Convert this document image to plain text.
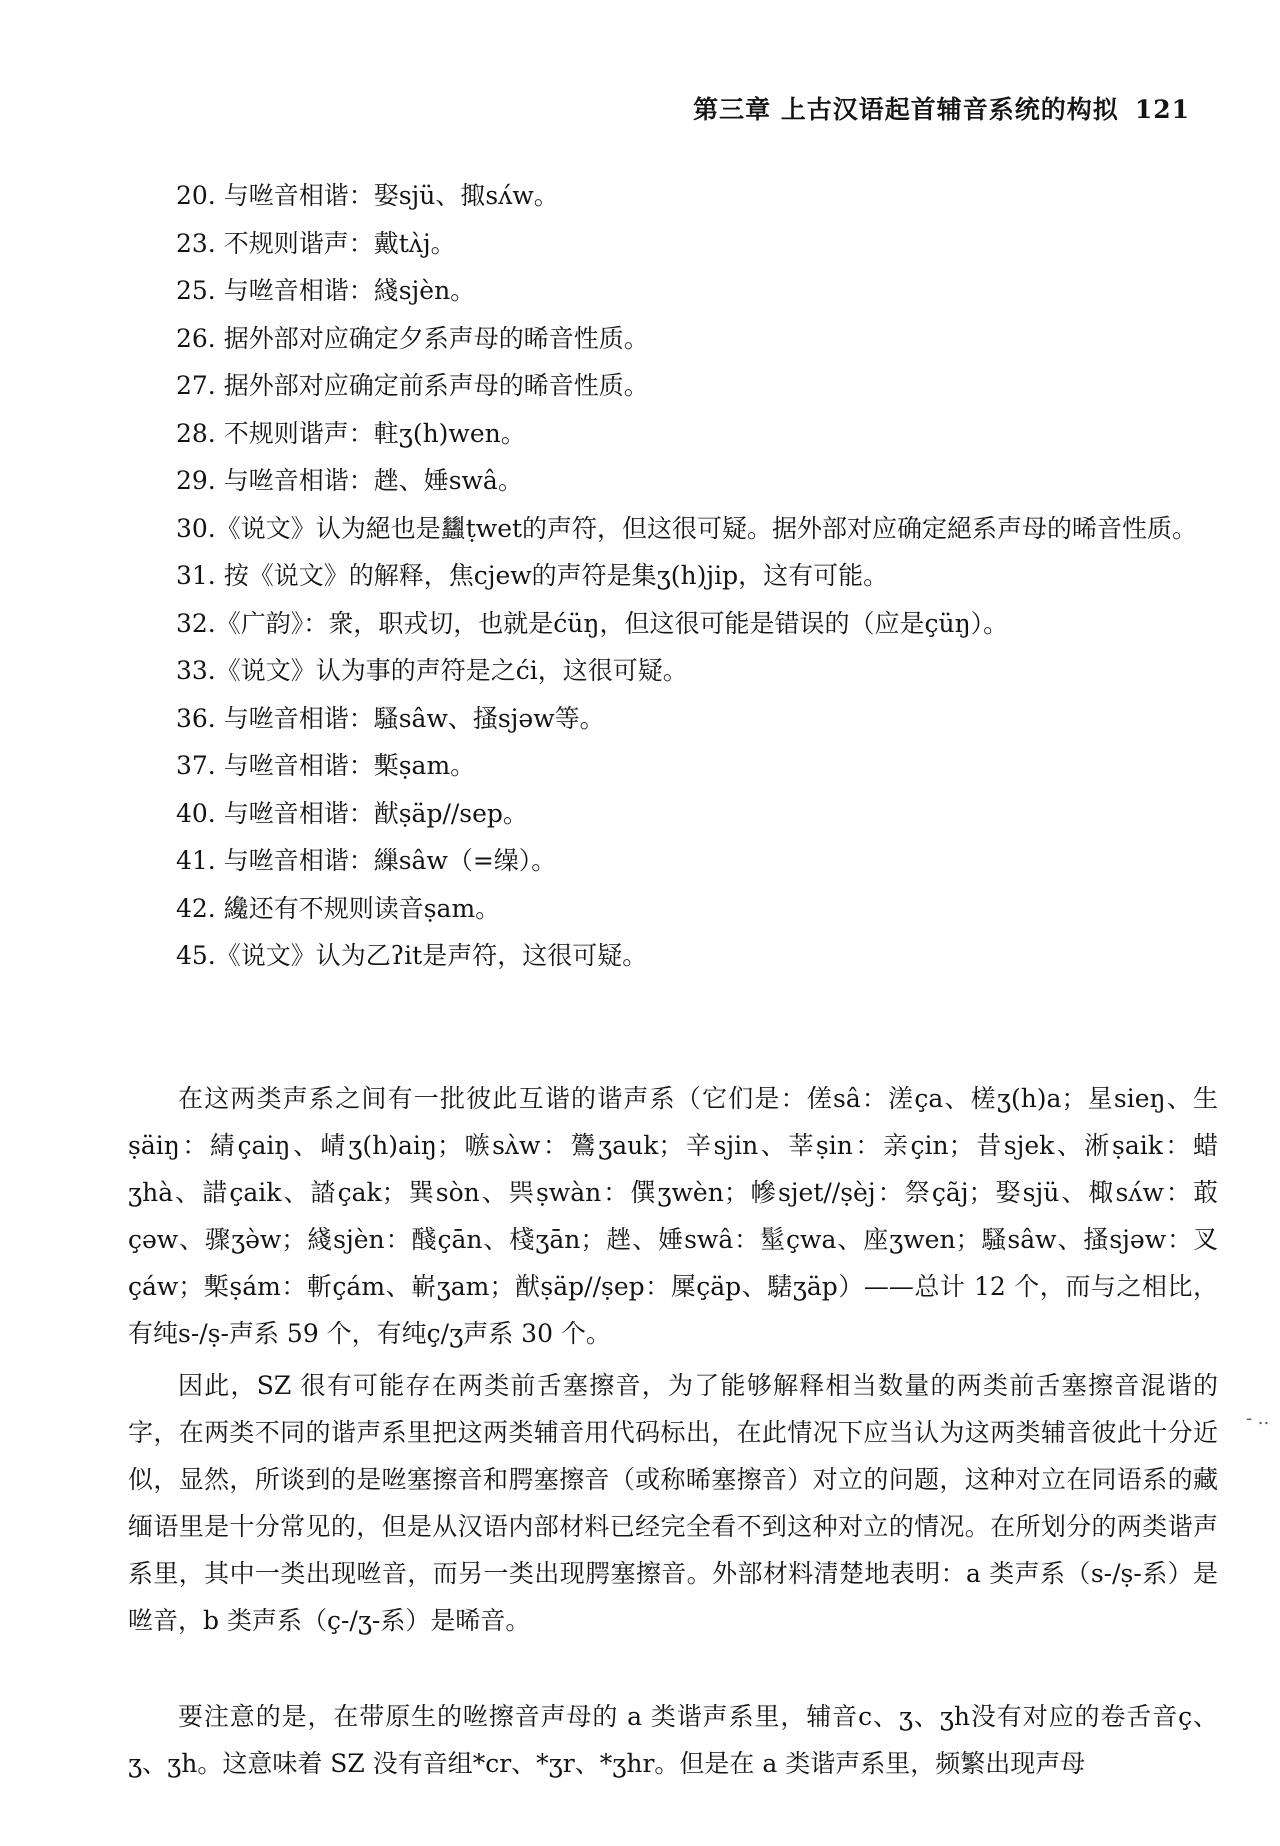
第三章 上古汉语起首辅音系统的构拟 121

20. 与咝音相谐：娶sjü、掫sʌ́w。

23. 不规则谐声：戴tʌ̀j。

25. 与咝音相谐：綫sjèn。

26. 据外部对应确定夕系声母的晞音性质。

27. 据外部对应确定前系声母的晞音性质。

28. 不规则谐声：軴ʒ(h)wen。

29. 与咝音相谐：趖、娷swâ。

30.《说文》认为絕也是蠿ṭwet的声符，但这很可疑。据外部对应确定絕系声母的晞音性质。

31. 按《说文》的解释，焦cjew的声符是集ʒ(h)jip，这有可能。

32.《广韵》：衆，职戎切，也就是ćüŋ，但这很可能是错误的（应是çüŋ）。

33.《说文》认为事的声符是之ći，这很可疑。

36. 与咝音相谐：騷sâw、搔sjəw等。

37. 与咝音相谐：槧ṣam。

40. 与咝音相谐：猷ṣäp//sep。

41. 与咝音相谐：繅sâw（=缲）。

42. 纔还有不规则读音ṣam。

45.《说文》认为乙ʔit是声符，这很可疑。

在这两类声系之间有一批彼此互谐的谐声系（它们是：傞sâ：溠ça、槎ʒ(h)a；星sieŋ、生ṣäiŋ：綪çaiŋ、崝ʒ(h)aiŋ；嗾sʌ̀w：鷟ʒauk；辛sjin、莘ṣin：亲çin；昔sjek、淅ṣaik：蜡ʒhà、諎çaik、誻çak；巽sòn、巺ṣwàn：僎ʒwèn；幓sjet//ṣèj：祭çãj；娶sjü、棷sʌ́w：菆çəw、骤ʒə̀w；綫sjèn：醆çān、棧ʒān；趖、娷swâ：髽çwa、座ʒwen；騷sâw、搔sjəw：叉çáw；槧ṣám：斬çám、嶄ʒam；猷ṣäp//ṣep：屟çäp、騞ʒäp）——总计 12 个，而与之相比，有纯s-/ṣ-声系 59 个，有纯ç/ʒ声系 30 个。

因此，SZ 很有可能存在两类前舌塞擦音，为了能够解释相当数量的两类前舌塞擦音混谐的字，在两类不同的谐声系里把这两类辅音用代码标出，在此情况下应当认为这两类辅音彼此十分近似，显然，所谈到的是咝塞擦音和腭塞擦音（或称晞塞擦音）对立的问题，这种对立在同语系的藏缅语里是十分常见的，但是从汉语内部材料已经完全看不到这种对立的情况。在所划分的两类谐声系里，其中一类出现咝音，而另一类出现腭塞擦音。外部材料清楚地表明：a 类声系（s-/ṣ-系）是咝音，b 类声系（ç-/ʒ-系）是晞音。

要注意的是，在带原生的咝擦音声母的 a 类谐声系里，辅音c、ʒ、ʒh没有对应的卷舌音ç、ʒ、ʒh。这意味着 SZ 没有音组*cr、*ʒr、*ʒhr。但是在 a 类谐声系里，频繁出现声母

- ..
